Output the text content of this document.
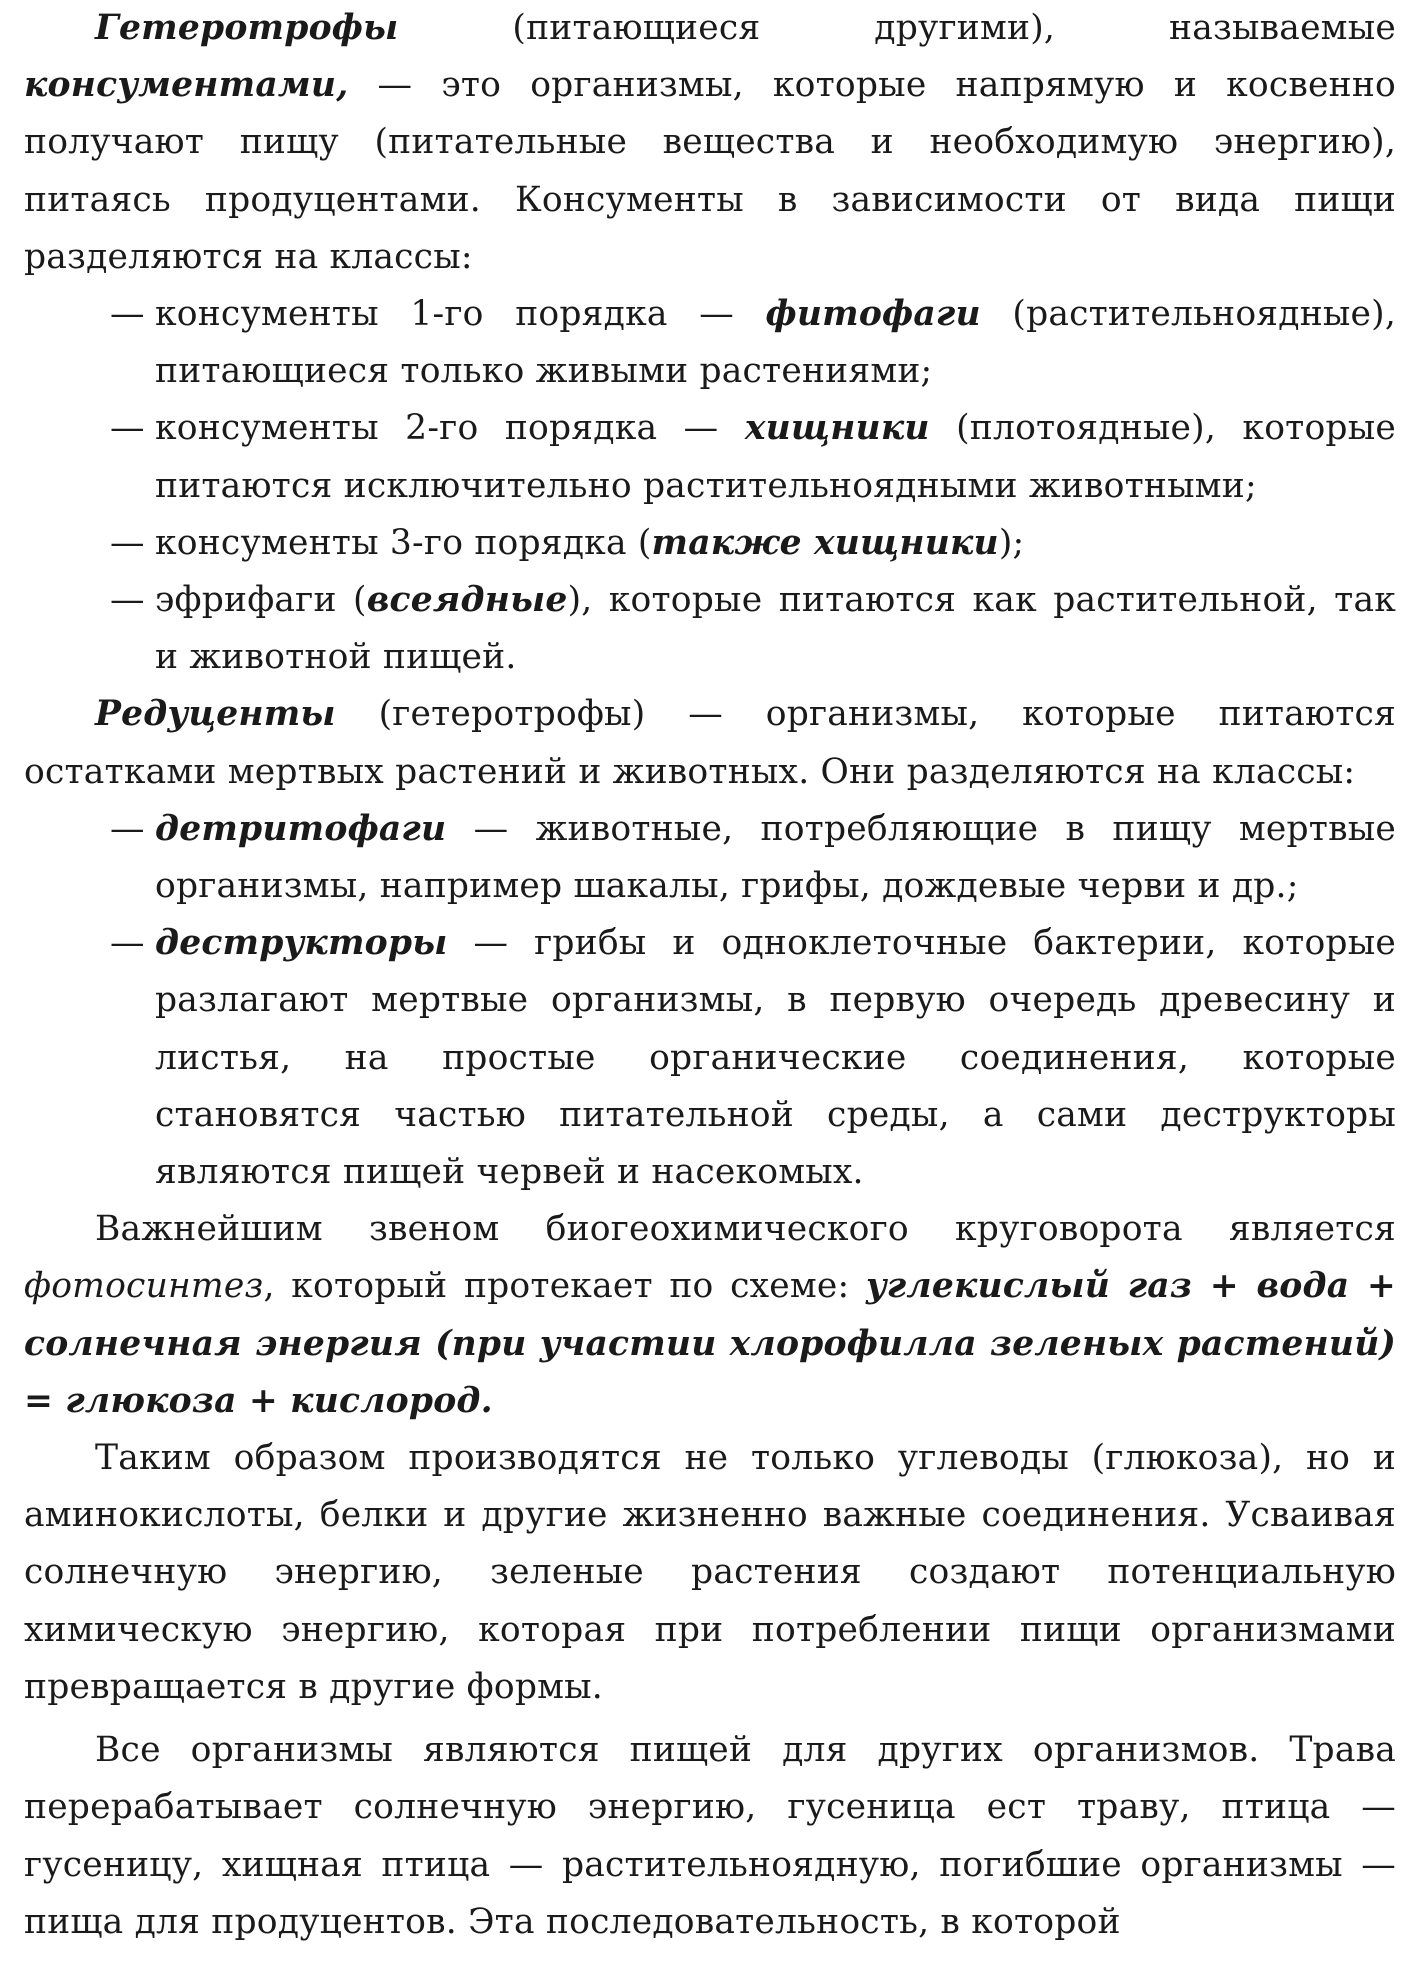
Гетеротрофы (питающиеся другими), называемые консументами, — это организмы, которые напрямую и косвенно получают пищу (питательные вещества и необходимую энергию), питаясь продуцентами. Консументы в зависимости от вида пищи разделяются на классы:

— консументы 1-го порядка — фитофаги (растительноядные), питающиеся только живыми растениями;

— консументы 2-го порядка — хищники (плотоядные), которые питаются исключительно растительноядными животными;

— консументы 3-го порядка (также хищники);

— эфрифаги (всеядные), которые питаются как растительной, так и животной пищей.

Редуценты (гетеротрофы) — организмы, которые питаются остатками мертвых растений и животных. Они разделяются на классы:

— детритофаги — животные, потребляющие в пищу мертвые организмы, например шакалы, грифы, дождевые черви и др.;

— деструкторы — грибы и одноклеточные бактерии, которые разлагают мертвые организмы, в первую очередь древесину и листья, на простые органические соединения, которые становятся частью питательной среды, а сами деструкторы являются пищей червей и насекомых.

Важнейшим звеном биогеохимического круговорота является фотосинтез, который протекает по схеме: углекислый газ + вода + солнечная энергия (при участии хлорофилла зеленых растений) = глюкоза + кислород.

Таким образом производятся не только углеводы (глюкоза), но и аминокислоты, белки и другие жизненно важные соединения. Усваивая солнечную энергию, зеленые растения создают потенциальную химическую энергию, которая при потреблении пищи организмами превращается в другие формы.

Все организмы являются пищей для других организмов. Трава перерабатывает солнечную энергию, гусеница ест траву, птица — гусеницу, хищная птица — растительноядную, погибшие организмы — пища для продуцентов. Эта последовательность, в которой
